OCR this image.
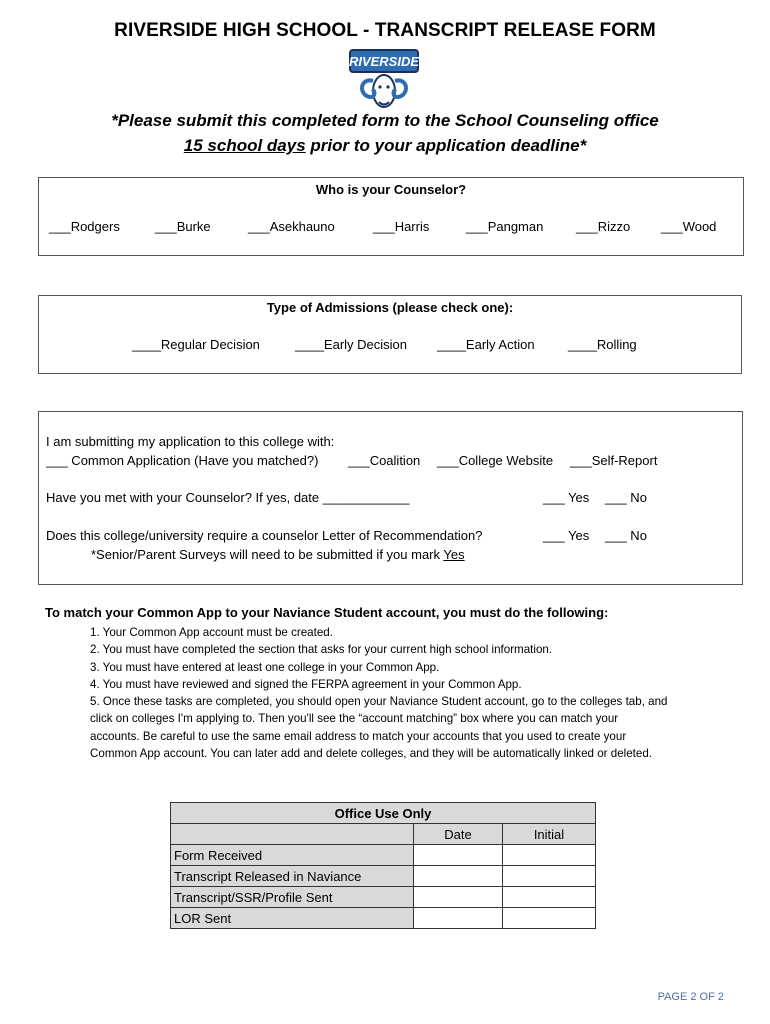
RIVERSIDE HIGH SCHOOL - TRANSCRIPT RELEASE FORM
RIVERSIDE
*Please submit this completed form to the School Counseling office
15 school days prior to your application deadline*
Who is your Counselor?
___Rodgers	___Burke	___Asekhauno	___Harris	___Pangman	___Rizzo ___Wood
Type of Admissions (please check one):
____Regular Decision	____Early Decision ____Early Action	____Rolling
I am submitting my application to this college with:
___ Common Application (Have you matched?) ___Coalition ___College Website ___Self-Report
Have you met with your Counselor? If yes, date ____________	___ Yes ___ No
Does this college/university require a counselor Letter of Recommendation?	___ Yes ___ No
*Senior/Parent Surveys will need to be submitted if you mark Yes
To match your Common App to your Naviance Student account, you must do the following:
1. Your Common App account must be created.
2. You must have completed the section that asks for your current high school information.
3. You must have entered at least one college in your Common App.
4. You must have reviewed and signed the FERPA agreement in your Common App.
5. Once these tasks are completed, you should open your Naviance Student account, go to the colleges tab, and
click on colleges I'm applying to. Then you'll see the “account matching” box where you can match your
accounts. Be careful to use the same email address to match your accounts that you used to create your
Common App account. You can later add and delete colleges, and they will be automatically linked or deleted.
Office Use Only		
	Date	Initial
Form Received		
Transcript Released in Naviance		
Transcript/SSR/Profile Sent		
LOR Sent		
PAGE 2 OF 2
